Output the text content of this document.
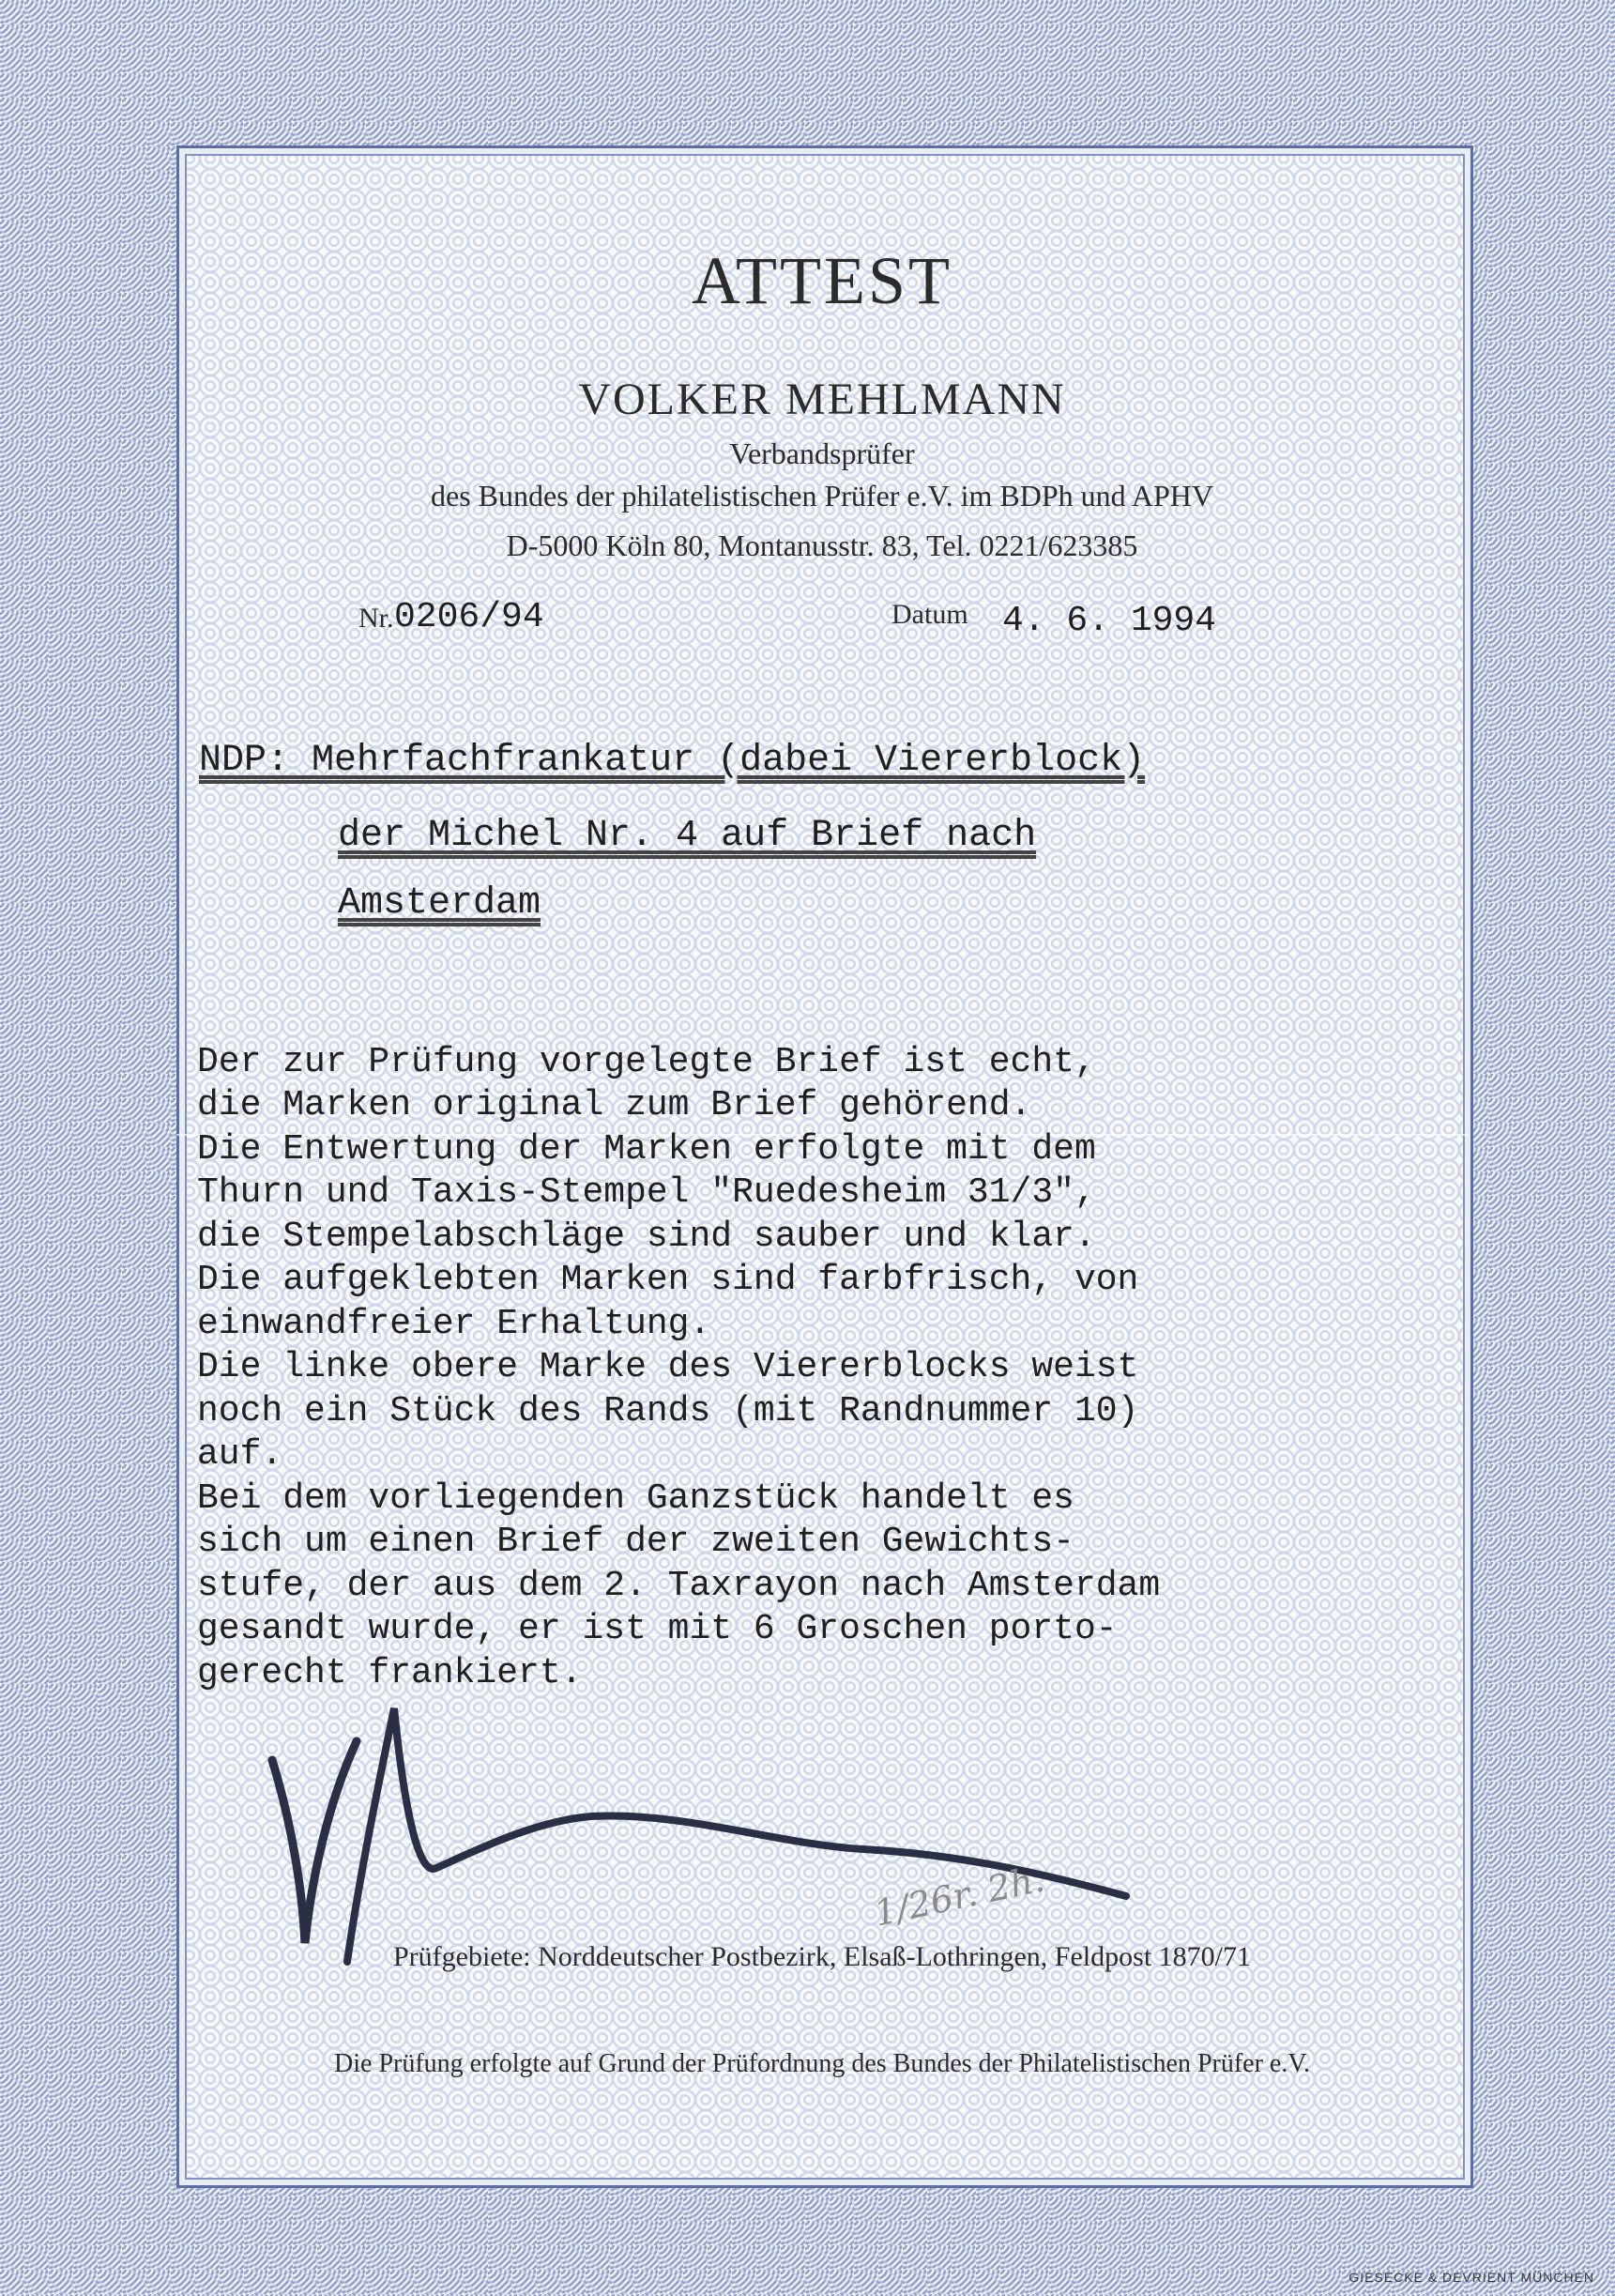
ATTEST
VOLKER MEHLMANN
Verbandsprüfer
des Bundes der philatelistischen Prüfer e.V. im BDPh und APHV
D-5000 Köln 80, Montanusstr. 83, Tel. 0221/623385
Nr. 0206/94	Datum 4. 6. 1994
NDP: Mehrfachfrankatur (dabei Viererblock)
der Michel Nr. 4 auf Brief nach
Amsterdam

Der zur Prüfung vorgelegte Brief ist echt,
die Marken original zum Brief gehörend.
Die Entwertung der Marken erfolgte mit dem
Thurn und Taxis-Stempel "Ruedesheim 31/3",
die Stempelabschläge sind sauber und klar.
Die aufgeklebten Marken sind farbfrisch, von
einwandfreier Erhaltung.
Die linke obere Marke des Viererblocks weist
noch ein Stück des Rands (mit Randnummer 10)
auf.
Bei dem vorliegenden Ganzstück handelt es
sich um einen Brief der zweiten Gewichts-
stufe, der aus dem 2. Taxrayon nach Amsterdam
gesandt wurde, er ist mit 6 Groschen porto-
gerecht frankiert.

1/26r. 2h.
Prüfgebiete: Norddeutscher Postbezirk, Elsaß-Lothringen, Feldpost 1870/71
Die Prüfung erfolgte auf Grund der Prüfordnung des Bundes der Philatelistischen Prüfer e.V.
GIESECKE & DEVRIENT MÜNCHEN
